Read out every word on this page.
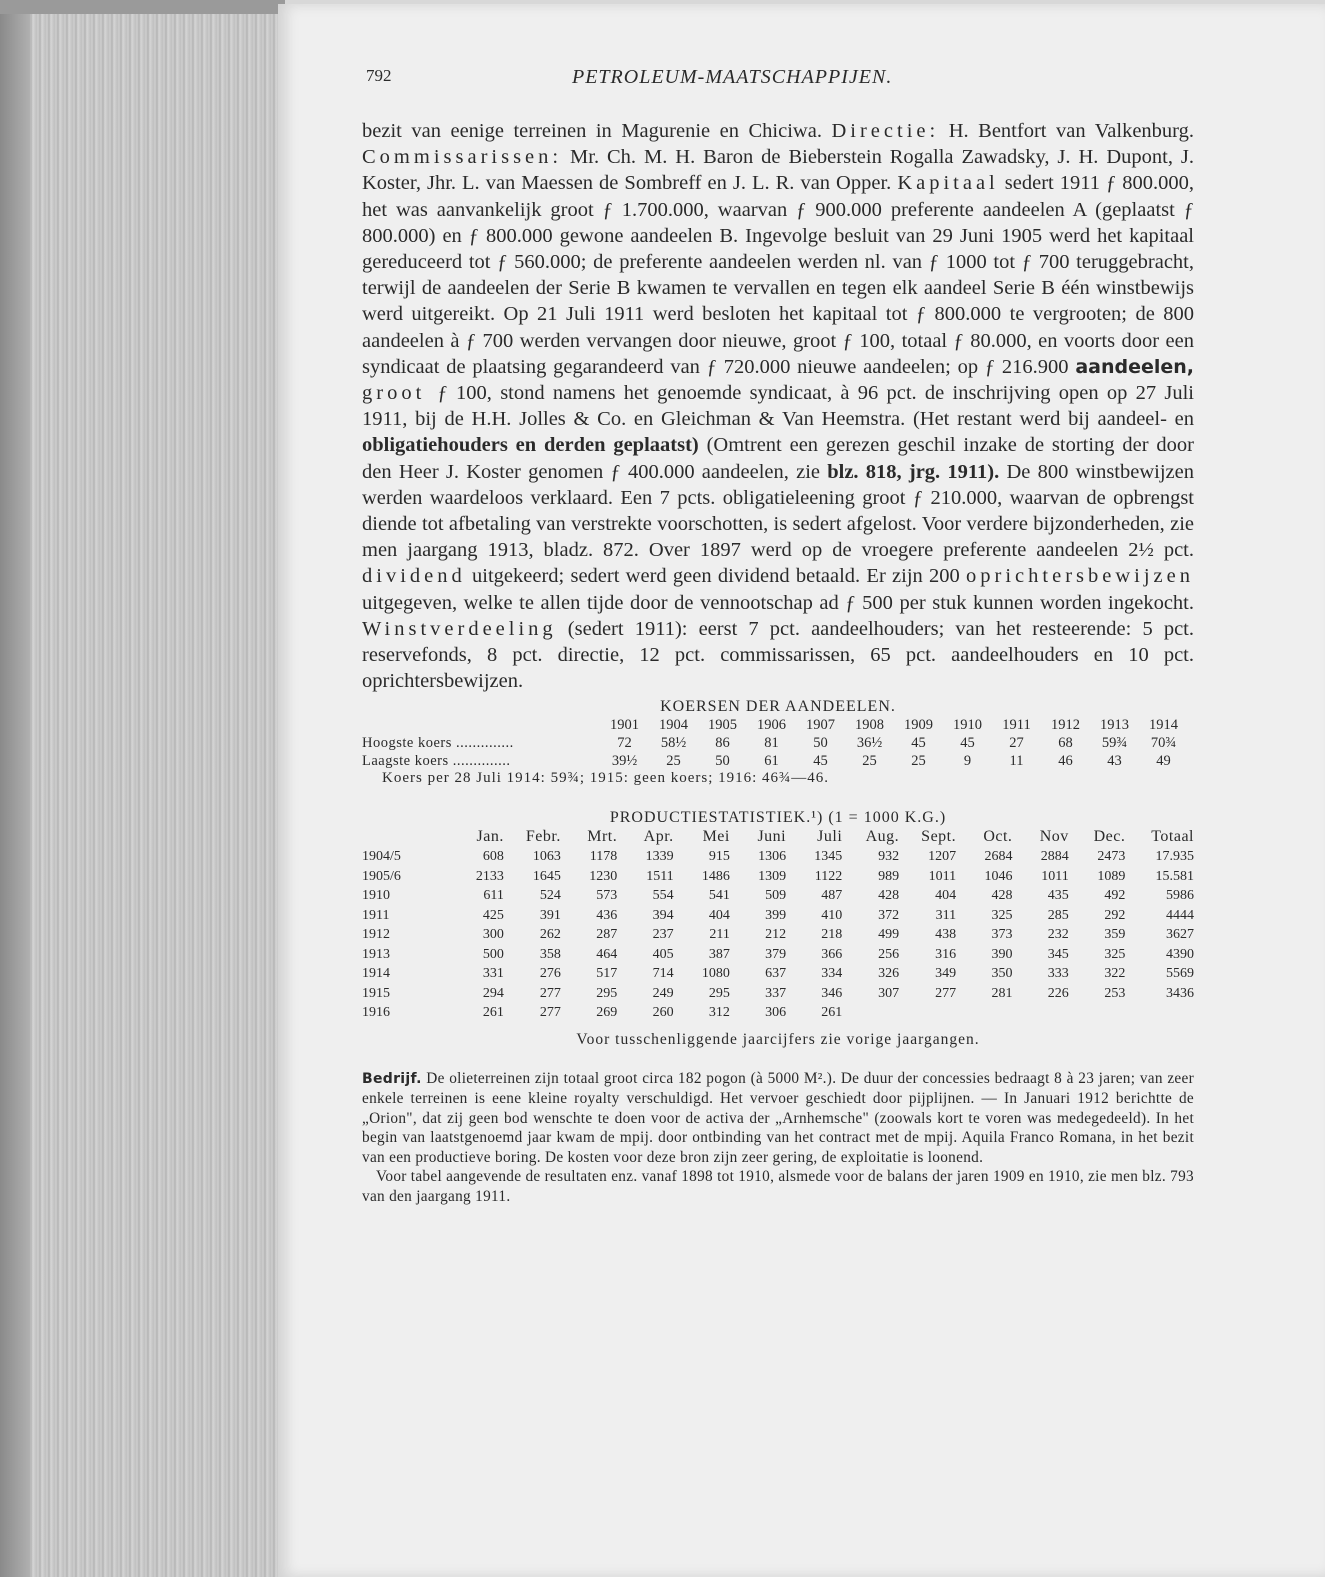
792	PETROLEUM-MAATSCHAPPIJEN.

bezit van eenige terreinen in Magurenie en Chiciwa. Directie: H. Bentfort van Valkenburg. Commissarissen: Mr. Ch. M. H. Baron de Bieberstein Rogalla Zawadsky, J. H. Dupont, J. Koster, Jhr. L. van Maessen de Sombreff en J. L. R. van Opper. Kapitaal sedert 1911 ƒ 800.000, het was aanvankelijk groot ƒ 1.700.000, waarvan ƒ 900.000 preferente aandeelen A (geplaatst ƒ 800.000) en ƒ 800.000 gewone aandeelen B. Ingevolge besluit van 29 Juni 1905 werd het kapitaal gereduceerd tot ƒ 560.000; de preferente aandeelen werden nl. van ƒ 1000 tot ƒ 700 teruggebracht, terwijl de aandeelen der Serie B kwamen te vervallen en tegen elk aandeel Serie B één winstbewijs werd uitgereikt. Op 21 Juli 1911 werd besloten het kapitaal tot ƒ 800.000 te vergrooten; de 800 aandeelen à ƒ 700 werden vervangen door nieuwe, groot ƒ 100, totaal ƒ 80.000, en voorts door een syndicaat de plaatsing gegarandeerd van ƒ 720.000 nieuwe aandeelen; op ƒ 216.900 aandeelen, groot ƒ 100, stond namens het genoemde syndicaat, à 96 pct. de inschrijving open op 27 Juli 1911, bij de H.H. Jolles & Co. en Gleichman & Van Heemstra. (Het restant werd bij aandeel- en obligatiehouders en derden geplaatst) (Omtrent een gerezen geschil inzake de storting der door den Heer J. Koster genomen ƒ 400.000 aandeelen, zie blz. 818, jrg. 1911). De 800 winstbewijzen werden waardeloos verklaard. Een 7 pcts. obligatieleening groot ƒ 210.000, waarvan de opbrengst diende tot afbetaling van verstrekte voorschotten, is sedert afgelost. Voor verdere bijzonderheden, zie men jaargang 1913, bladz. 872. Over 1897 werd op de vroegere preferente aandeelen 2½ pct. dividend uitgekeerd; sedert werd geen dividend betaald. Er zijn 200 oprichtersbewijzen uitgegeven, welke te allen tijde door de vennootschap ad ƒ 500 per stuk kunnen worden ingekocht. Winstverdeeling (sedert 1911): eerst 7 pct. aandeelhouders; van het resteerende: 5 pct. reservefonds, 8 pct. directie, 12 pct. commissarissen, 65 pct. aandeelhouders en 10 pct. oprichtersbewijzen.

KOERSEN DER AANDEELEN.
	1901	1904	1905	1906	1907	1908	1909	1910	1911	1912	1913	1914
Hoogste koers ..............	72	58½	86	81	50	36½	45	45	27	68	59¾	70¾
Laagste koers ..............	39½	25	50	61	45	25	25	9	11	46	43	49
Koers per 28 Juli 1914: 59¾; 1915: geen koers; 1916: 46¾—46.
PRODUCTIESTATISTIEK.¹) (1 = 1000 K.G.)
	Jan.	Febr.	Mrt.	Apr.	Mei	Juni	Juli	Aug.	Sept.	Oct.	Nov	Dec.	Totaal
1904/5	608	1063	1178	1339	915	1306	1345	932	1207	2684	2884	2473	17.935
1905/6	2133	1645	1230	1511	1486	1309	1122	989	1011	1046	1011	1089	15.581
1910	611	524	573	554	541	509	487	428	404	428	435	492	5986
1911	425	391	436	394	404	399	410	372	311	325	285	292	4444
1912	300	262	287	237	211	212	218	499	438	373	232	359	3627
1913	500	358	464	405	387	379	366	256	316	390	345	325	4390
1914	331	276	517	714	1080	637	334	326	349	350	333	322	5569
1915	294	277	295	249	295	337	346	307	277	281	226	253	3436
1916	261	277	269	260	312	306	261						
Voor tusschenliggende jaarcijfers zie vorige jaargangen.

Bedrijf. De olieterreinen zijn totaal groot circa 182 pogon (à 5000 M².). De duur der concessies bedraagt 8 à 23 jaren; van zeer enkele terreinen is eene kleine royalty verschuldigd. Het vervoer geschiedt door pijplijnen. — In Januari 1912 berichtte de „Orion", dat zij geen bod wenschte te doen voor de activa der „Arnhemsche" (zoowals kort te voren was medegedeeld). In het begin van laatstgenoemd jaar kwam de mpij. door ontbinding van het contract met de mpij. Aquila Franco Romana, in het bezit van een productieve boring. De kosten voor deze bron zijn zeer gering, de exploitatie is loonend.

Voor tabel aangevende de resultaten enz. vanaf 1898 tot 1910, alsmede voor de balans der jaren 1909 en 1910, zie men blz. 793 van den jaargang 1911.
